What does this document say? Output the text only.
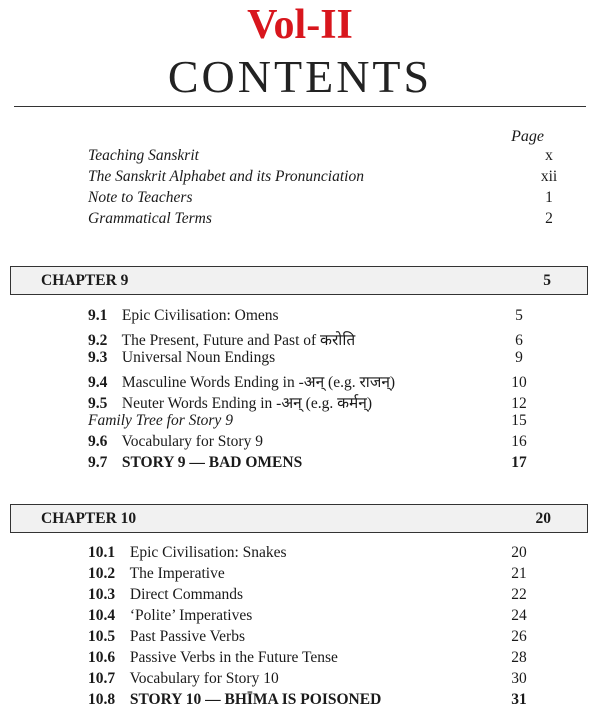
Vol-II
CONTENTS
Page
Teaching Sanskrit	x
The Sanskrit Alphabet and its Pronunciation	xii
Note to Teachers	1
Grammatical Terms	2
CHAPTER 9	5
9.1 Epic Civilisation: Omens	5
9.2 The Present, Future and Past of करोति	6
9.3 Universal Noun Endings	9
9.4 Masculine Words Ending in -अन् (e.g. राजन्)	10
9.5 Neuter Words Ending in -अन् (e.g. कर्मन्)	12
Family Tree for Story 9	15
9.6 Vocabulary for Story 9	16
9.7 STORY 9 — BAD OMENS	17
CHAPTER 10	20
10.1 Epic Civilisation: Snakes	20
10.2 The Imperative	21
10.3 Direct Commands	22
10.4 ‘Polite’ Imperatives	24
10.5 Past Passive Verbs	26
10.6 Passive Verbs in the Future Tense	28
10.7 Vocabulary for Story 10	30
10.8 STORY 10 — BHĪMA IS POISONED	31
